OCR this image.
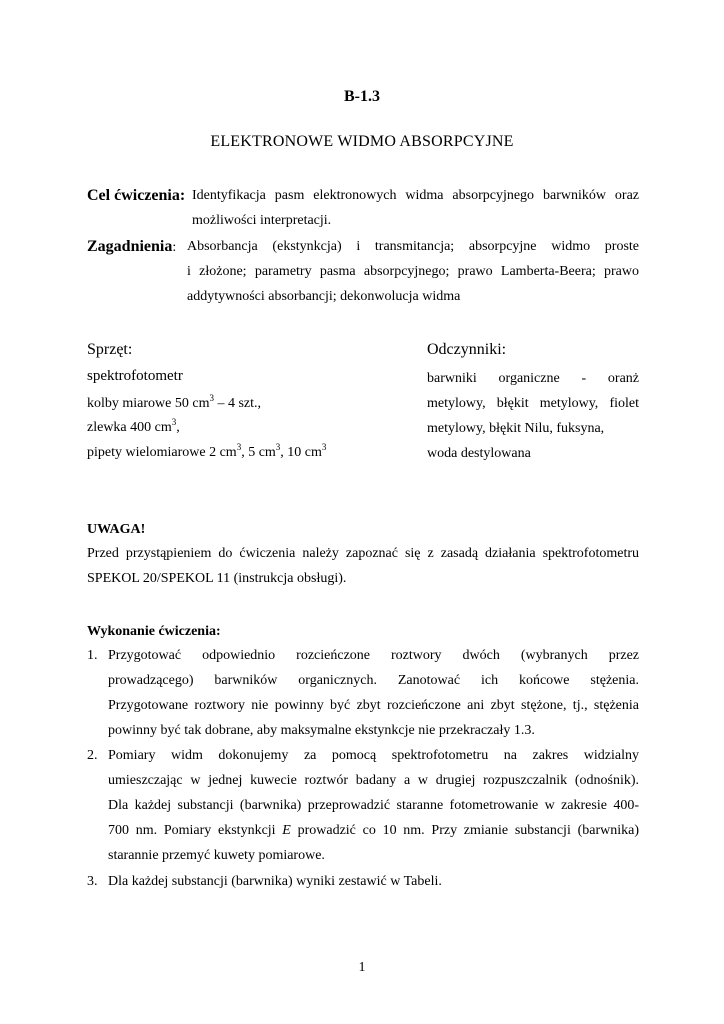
B-1.3
ELEKTRONOWE WIDMO ABSORPCYJNE
Cel ćwiczenia: Identyfikacja pasm elektronowych widma absorpcyjnego barwników oraz
możliwości interpretacji.
Zagadnienia: Absorbancja (ekstynkcja) i transmitancja; absorpcyjne widmo proste
i złożone; parametry pasma absorpcyjnego; prawo Lamberta-Beera; prawo
addytywności absorbancji; dekonwolucja widma
Sprzęt:
spektrofotometr
kolby miarowe 50 $cm^3 - 4$ szt.,
zlewka 400 $cm^3$,
pipety wielomiarowe 2 $cm^3$, 5 $cm^3$, 10 $cm^3$
Odczynniki:
barwniki organiczne - oranż
metylowy, błękit metylowy, fiolet
metylowy, błękit Nilu, fuksyna,
woda destylowana
UWAGA!
Przed przystąpieniem do ćwiczenia należy zapoznać się z zasadą działania spektrofotometru
SPEKOL 20/SPEKOL 11 (instrukcja obsługi).
Wykonanie ćwiczenia:
1. Przygotować odpowiednio rozcieńczone roztwory dwóch (wybranych przez
prowadzącego) barwników organicznych. Zanotować ich końcowe stężenia.
Przygotowane roztwory nie powinny być zbyt rozcieńczone ani zbyt stężone, tj., stężenia
powinny być tak dobrane, aby maksymalne ekstynkcje nie przekraczały 1.3.
2. Pomiary widm dokonujemy za pomocą spektrofotometru na zakres widzialny
umieszczając w jednej kuwecie roztwór badany a w drugiej rozpuszczalnik (odnośnik).
Dla każdej substancji (barwnika) przeprowadzić staranne fotometrowanie w zakresie 400-
700 nm. Pomiary ekstynkcji E prowadzić co 10 nm. Przy zmianie substancji (barwnika)
starannie przemyć kuwety pomiarowe.
3. Dla każdej substancji (barwnika) wyniki zestawić w Tabeli.
1
